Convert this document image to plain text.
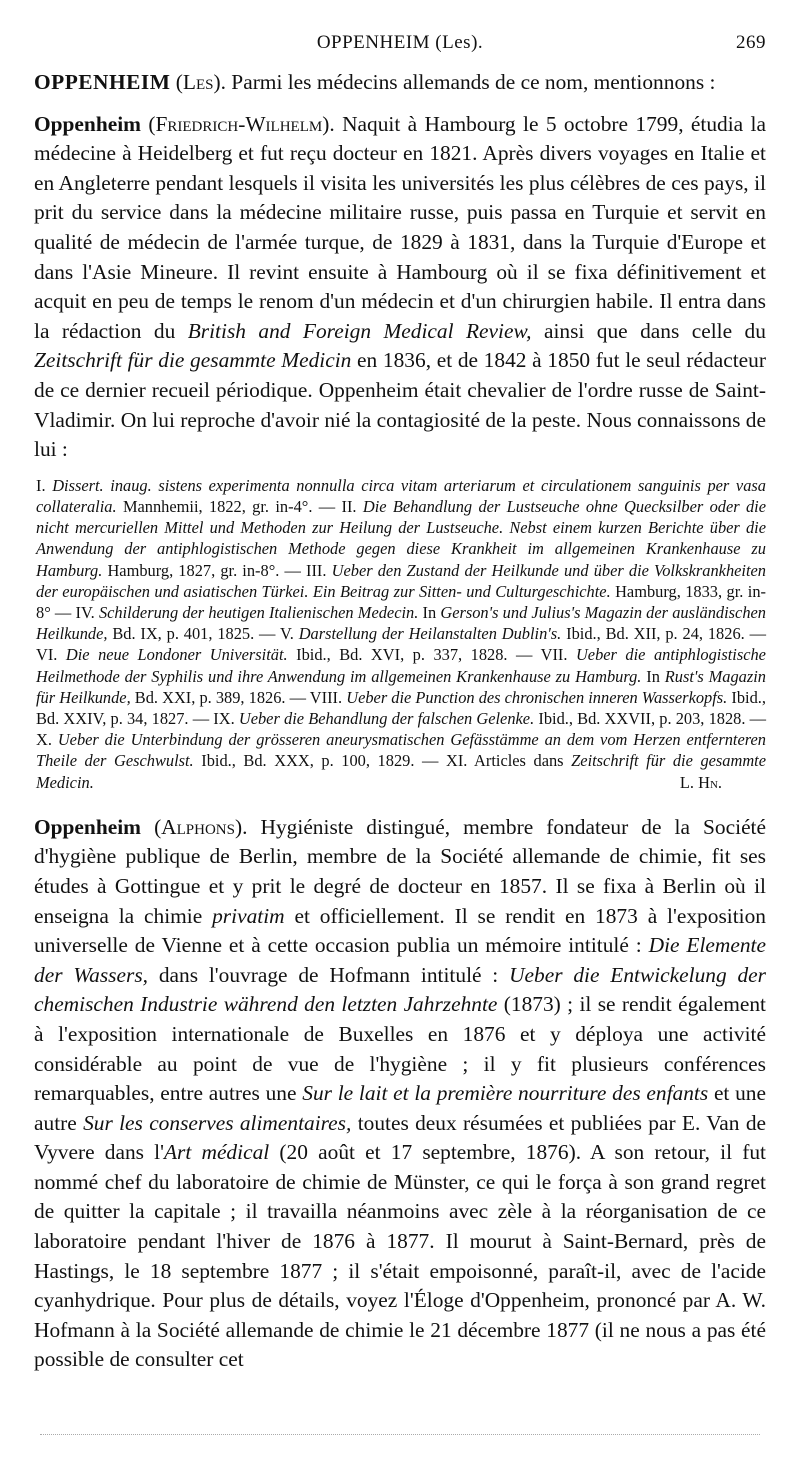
OPPENHEIM (Les).	269

OPPENHEIM (Les). Parmi les médecins allemands de ce nom, mentionnons :

Oppenheim (Friedrich-Wilhelm). Naquit à Hambourg le 5 octobre 1799, étudia la médecine à Heidelberg et fut reçu docteur en 1821. Après divers voyages en Italie et en Angleterre pendant lesquels il visita les universités les plus célèbres de ces pays, il prit du service dans la médecine militaire russe, puis passa en Turquie et servit en qualité de médecin de l'armée turque, de 1829 à 1831, dans la Turquie d'Europe et dans l'Asie Mineure. Il revint ensuite à Hambourg où il se fixa définitivement et acquit en peu de temps le renom d'un médecin et d'un chirurgien habile. Il entra dans la rédaction du British and Foreign Medical Review, ainsi que dans celle du Zeitschrift für die gesammte Medicin en 1836, et de 1842 à 1850 fut le seul rédacteur de ce dernier recueil périodique. Oppenheim était chevalier de l'ordre russe de Saint-Vladimir. On lui reproche d'avoir nié la contagiosité de la peste. Nous connaissons de lui :

I. Dissert. inaug. sistens experimenta nonnulla circa vitam arteriarum et circulationem sanguinis per vasa collateralia. Mannhemii, 1822, gr. in-4°. — II. Die Behandlung der Lustseuche ohne Quecksilber oder die nicht mercuriellen Mittel und Methoden zur Heilung der Lustseuche. Nebst einem kurzen Berichte über die Anwendung der antiphlogistischen Methode gegen diese Krankheit im allgemeinen Krankenhause zu Hamburg. Hamburg, 1827, gr. in-8°. — III. Ueber den Zustand der Heilkunde und über die Volkskrankheiten der europäischen und asiatischen Türkei. Ein Beitrag zur Sitten- und Culturgeschichte. Hamburg, 1833, gr. in-8° — IV. Schilderung der heutigen Italienischen Medecin. In Gerson's und Julius's Magazin der ausländischen Heilkunde, Bd. IX, p. 401, 1825. — V. Darstellung der Heilanstalten Dublin's. Ibid., Bd. XII, p. 24, 1826. — VI. Die neue Londoner Universität. Ibid., Bd. XVI, p. 337, 1828. — VII. Ueber die antiphlogistische Heilmethode der Syphilis und ihre Anwendung im allgemeinen Krankenhause zu Hamburg. In Rust's Magazin für Heilkunde, Bd. XXI, p. 389, 1826. — VIII. Ueber die Punction des chronischen inneren Wasserkopfs. Ibid., Bd. XXIV, p. 34, 1827. — IX. Ueber die Behandlung der falschen Gelenke. Ibid., Bd. XXVII, p. 203, 1828. — X. Ueber die Unterbindung der grösseren aneurysmatischen Gefässtämme an dem vom Herzen entfernteren Theile der Geschwulst. Ibid., Bd. XXX, p. 100, 1829. — XI. Articles dans Zeitschrift für die gesammte Medicin.	L. Hn.

Oppenheim (Alphons). Hygiéniste distingué, membre fondateur de la Société d'hygiène publique de Berlin, membre de la Société allemande de chimie, fit ses études à Gottingue et y prit le degré de docteur en 1857. Il se fixa à Berlin où il enseigna la chimie privatim et officiellement. Il se rendit en 1873 à l'exposition universelle de Vienne et à cette occasion publia un mémoire intitulé : Die Elemente der Wassers, dans l'ouvrage de Hofmann intitulé : Ueber die Entwickelung der chemischen Industrie während den letzten Jahrzehnte (1873) ; il se rendit également à l'exposition internationale de Buxelles en 1876 et y déploya une activité considérable au point de vue de l'hygiène ; il y fit plusieurs conférences remarquables, entre autres une Sur le lait et la première nourriture des enfants et une autre Sur les conserves alimentaires, toutes deux résumées et publiées par E. Van de Vyvere dans l'Art médical (20 août et 17 septembre, 1876). A son retour, il fut nommé chef du laboratoire de chimie de Münster, ce qui le força à son grand regret de quitter la capitale ; il travailla néanmoins avec zèle à la réorganisation de ce laboratoire pendant l'hiver de 1876 à 1877. Il mourut à Saint-Bernard, près de Hastings, le 18 septembre 1877 ; il s'était empoisonné, paraît-il, avec de l'acide cyanhydrique. Pour plus de détails, voyez l'Éloge d'Oppenheim, prononcé par A. W. Hofmann à la Société allemande de chimie le 21 décembre 1877 (il ne nous a pas été possible de consulter cet
